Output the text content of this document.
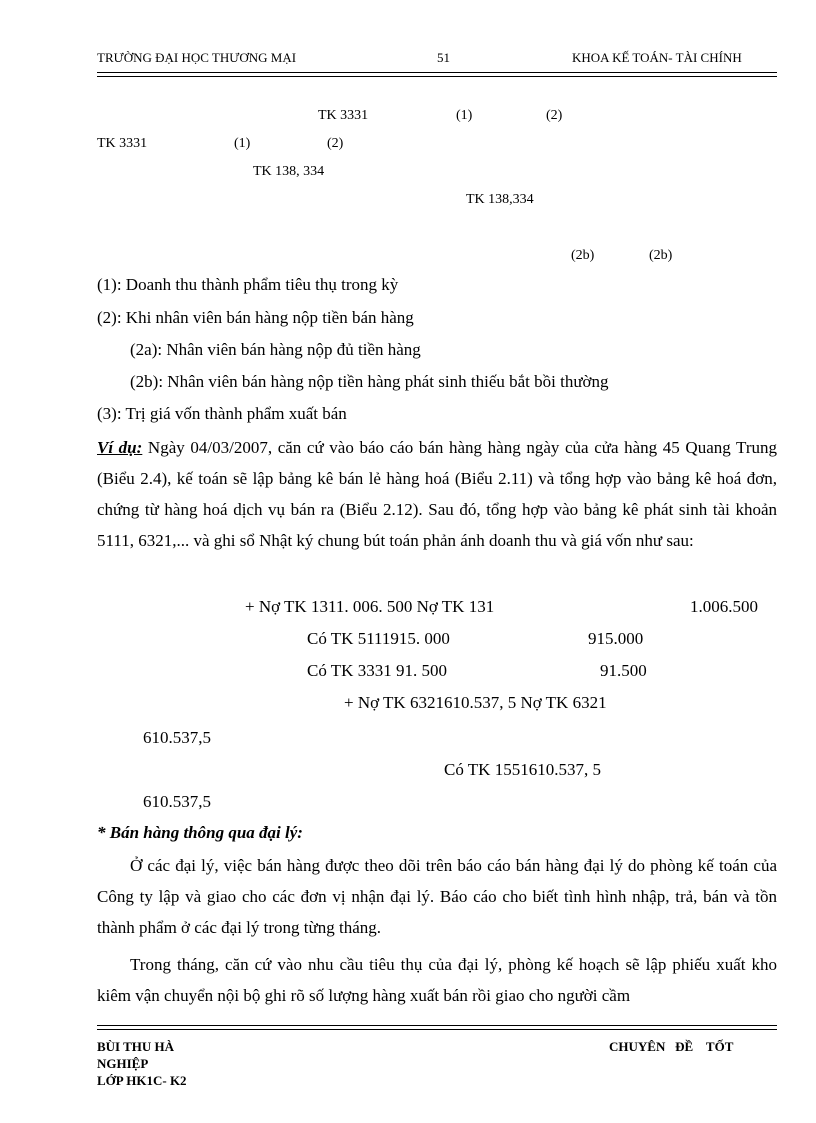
TRƯỜNG ĐẠI HỌC THƯƠNG MẠI	51	KHOA KẾ TOÁN- TÀI CHÍNH
TK 3331	(1)	(2)
TK 3331	(1)	(2)
TK 138, 334
TK 138,334
(2b)	(2b)
(1): Doanh thu thành phẩm tiêu thụ trong kỳ
(2): Khi nhân viên bán hàng nộp tiền bán hàng
(2a): Nhân viên bán hàng nộp đủ tiền hàng
(2b): Nhân viên bán hàng nộp tiền hàng phát sinh thiếu bắt bồi thường
(3): Trị giá vốn thành phẩm xuất bán
Ví dụ: Ngày 04/03/2007, căn cứ vào báo cáo bán hàng hàng ngày của cửa hàng 45 Quang Trung (Biểu 2.4), kế toán sẽ lập bảng kê bán lẻ hàng hoá (Biểu 2.11) và tổng hợp vào bảng kê hoá đơn, chứng từ hàng hoá dịch vụ bán ra (Biểu 2.12). Sau đó, tổng hợp vào bảng kê phát sinh tài khoản 5111, 6321,... và ghi sổ Nhật ký chung bút toán phản ánh doanh thu và giá vốn như sau:
+ Nợ TK 1311. 006. 500 Nợ TK 131	1.006.500
Có TK 5111915. 000	915.000
Có TK 3331 91. 500	91.500
+ Nợ TK 6321610.537, 5 Nợ TK 6321
610.537,5
Có TK 1551610.537, 5
610.537,5
* Bán hàng thông qua đại lý:
Ở các đại lý, việc bán hàng được theo dõi trên báo cáo bán hàng đại lý do phòng kế toán của Công ty lập và giao cho các đơn vị nhận đại lý. Báo cáo cho biết tình hình nhập, trả, bán và tồn thành phẩm ở các đại lý trong từng tháng.
Trong tháng, căn cứ vào nhu cầu tiêu thụ của đại lý, phòng kế hoạch sẽ lập phiếu xuất kho kiêm vận chuyển nội bộ ghi rõ số lượng hàng xuất bán rồi giao cho người cầm
BÙI THU HÀ
NGHIỆP
LỚP HK1C- K2
CHUYÊN   ĐỀ    TỐT
